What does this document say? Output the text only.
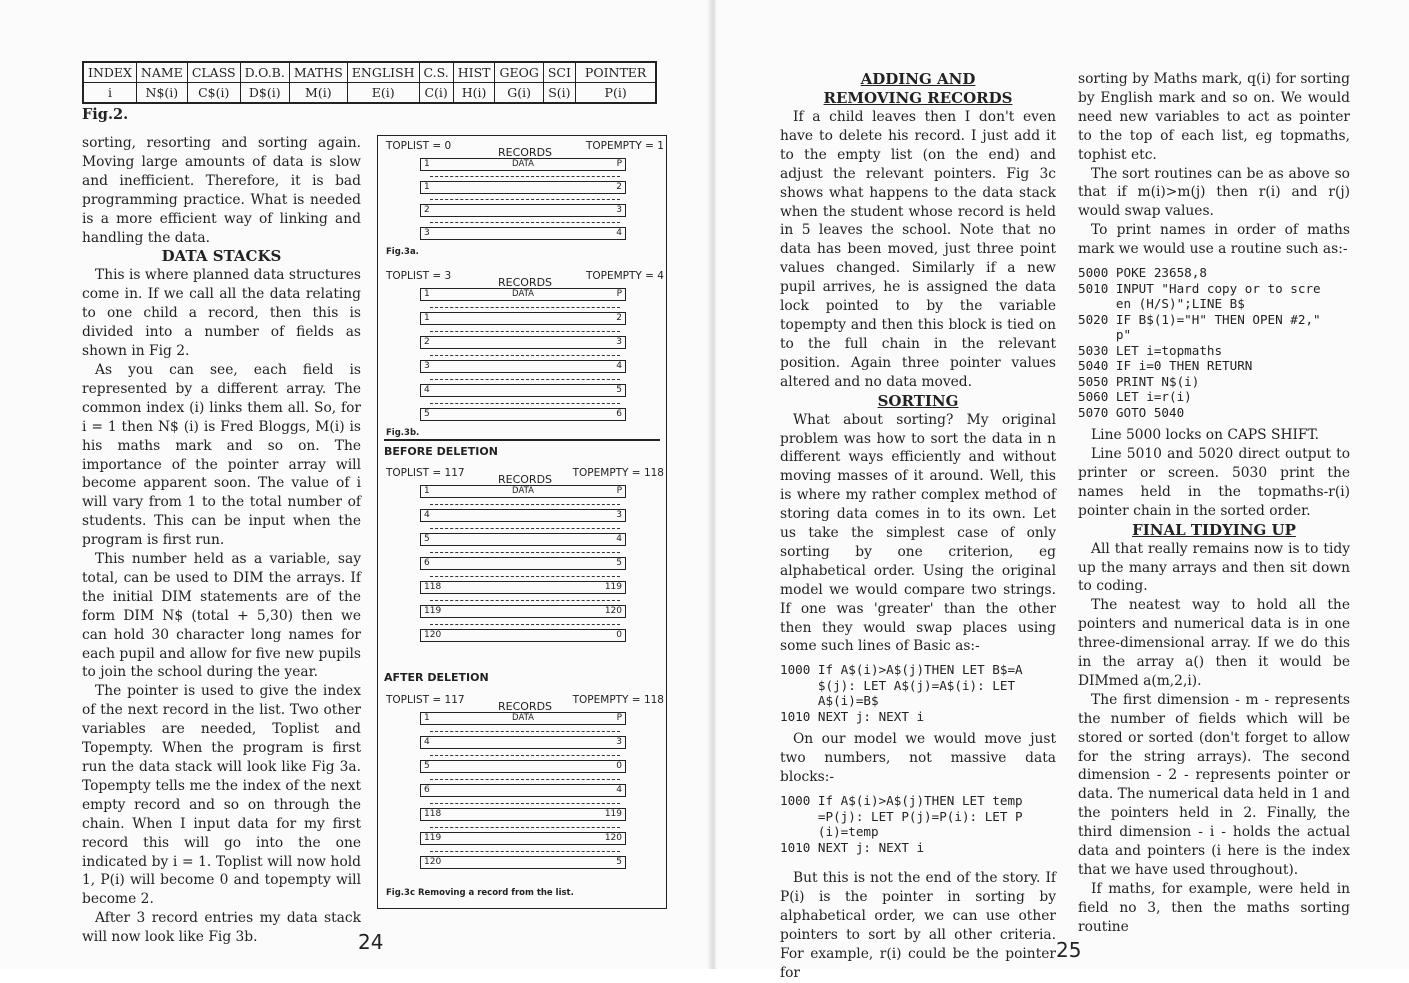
INDEX	NAME	CLASS	D.O.B.	MATHS	ENGLISH	C.S.	HIST	GEOG	SCI	POINTER
i	N$(i)	C$(i)	D$(i)	M(i)	E(i)	C(i)	H(i)	G(i)	S(i)	P(i)
Fig.2.

sorting, resorting and sorting again. Moving large amounts of data is slow and inefficient. Therefore, it is bad programming practice. What is needed is a more efficient way of linking and handling the data.

DATA STACKS

This is where planned data structures come in. If we call all the data relating to one child a record, then this is divided into a number of fields as shown in Fig 2.

As you can see, each field is represented by a different array. The common index (i) links them all. So, for i = 1 then N$ (i) is Fred Bloggs, M(i) is his maths mark and so on. The importance of the pointer array will become apparent soon. The value of i will vary from 1 to the total number of students. This can be input when the program is first run.

This number held as a variable, say total, can be used to DIM the arrays. If the initial DIM statements are of the form DIM N$ (total + 5,30) then we can hold 30 character long names for each pupil and allow for five new pupils to join the school during the year.

The pointer is used to give the index of the next record in the list. Two other variables are needed, Toplist and Topempty. When the program is first run the data stack will look like Fig 3a. Topempty tells me the index of the next empty record and so on through the chain. When I input data for my first record this will go into the one indicated by i = 1. Toplist will now hold 1, P(i) will become 0 and topempty will become 2.

After 3 record entries my data stack will now look like Fig 3b.

TOPLIST = 0	RECORDS	TOPEMPTY = 1
1	DATA	P
1	2
2	3
3	4
Fig.3a.
TOPLIST = 3	RECORDS	TOPEMPTY = 4
1	DATA	P
1	2
2	3
3	4
4	5
5	6
Fig.3b.
BEFORE DELETION
TOPLIST = 117	RECORDS TOPEMPTY = 118
1	DATA	P
4	3
5	4
6	5
118	119
119	120
120	0
AFTER DELETION
TOPLIST = 117	RECORDS TOPEMPTY = 118
1	DATA	P
4	3
5	0
6	4
118	119
119	120
120	5
Fig.3c Removing a record from the list.
24
ADDING AND REMOVING RECORDS

If a child leaves then I don't even have to delete his record. I just add it to the empty list (on the end) and adjust the relevant pointers. Fig 3c shows what happens to the data stack when the student whose record is held in 5 leaves the school. Note that no data has been moved, just three point values changed. Similarly if a new pupil arrives, he is assigned the data lock pointed to by the variable topempty and then this block is tied on to the full chain in the relevant position. Again three pointer values altered and no data moved.

SORTING

What about sorting? My original problem was how to sort the data in n different ways efficiently and without moving masses of it around. Well, this is where my rather complex method of storing data comes in to its own. Let us take the simplest case of only sorting by one criterion, eg alphabetical order. Using the original model we would compare two strings. If one was 'greater' than the other then they would swap places using some such lines of Basic as:-

1000 If A$(i)>A$(j)THEN LET B$=A
$(j): LET A$(j)=A$(i): LET
A$(i)=B$
1010 NEXT j: NEXT i

On our model we would move just two numbers, not massive data blocks:-

1000 If A$(i)>A$(j)THEN LET temp
=P(j): LET P(j)=P(i): LET P
(i)=temp
1010 NEXT j: NEXT i

But this is not the end of the story. If P(i) is the pointer in sorting by alphabetical order, we can use other pointers to sort by all other criteria. For example, r(i) could be the pointer for

sorting by Maths mark, q(i) for sorting by English mark and so on. We would need new variables to act as pointer to the top of each list, eg topmaths, tophist etc.

The sort routines can be as above so that if m(i)>m(j) then r(i) and r(j) would swap values.

To print names in order of maths mark we would use a routine such as:-

5000 POKE 23658,8
5010 INPUT "Hard copy or to scre
en (H/S)";LINE B$
5020 IF B$(1)="H" THEN OPEN #2,"
p"
5030 LET i=topmaths
5040 IF i=0 THEN RETURN
5050 PRINT N$(i)
5060 LET i=r(i)
5070 GOTO 5040

Line 5000 locks on CAPS SHIFT.

Line 5010 and 5020 direct output to printer or screen. 5030 print the names held in the topmaths-r(i) pointer chain in the sorted order.

FINAL TIDYING UP

All that really remains now is to tidy up the many arrays and then sit down to coding.

The neatest way to hold all the pointers and numerical data is in one three-dimensional array. If we do this in the array a() then it would be DIMmed a(m,2,i).

The first dimension - m - represents the number of fields which will be stored or sorted (don't forget to allow for the string arrays). The second dimension - 2 - represents pointer or data. The numerical data held in 1 and the pointers held in 2. Finally, the third dimension - i - holds the actual data and pointers (i here is the index that we have used throughout).

If maths, for example, were held in field no 3, then the maths sorting routine

25
